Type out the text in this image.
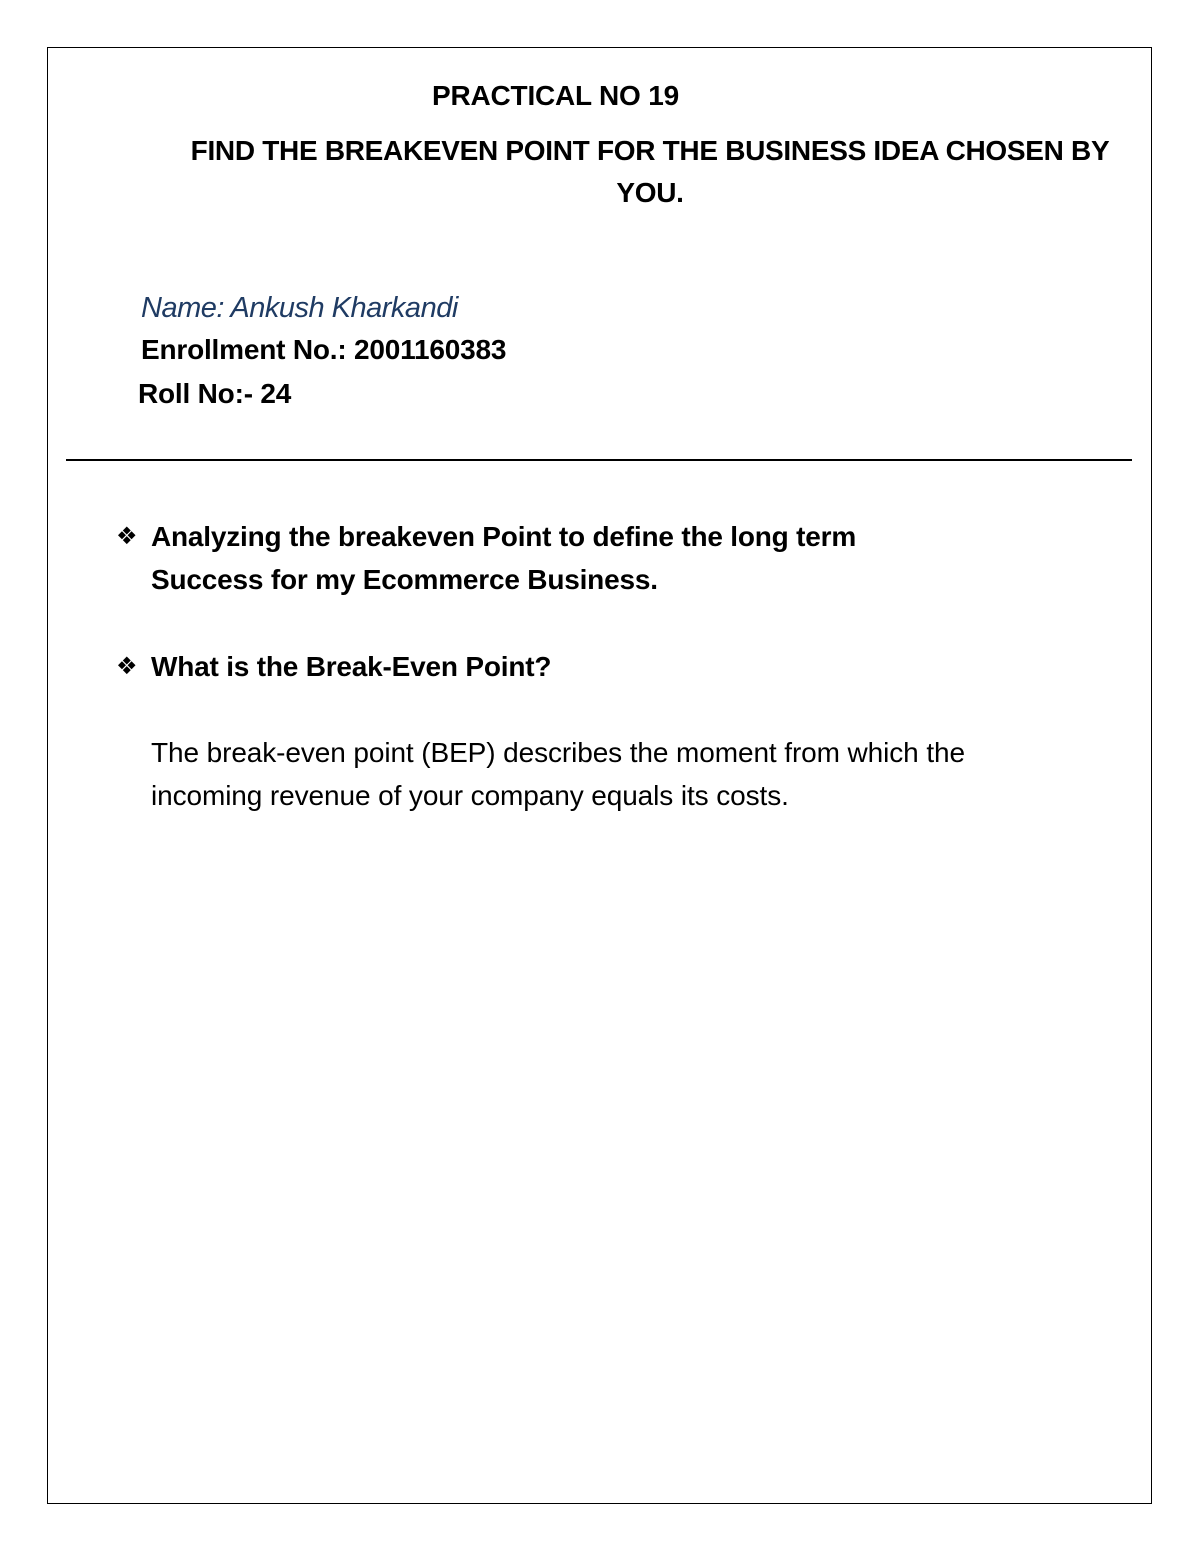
PRACTICAL NO 19
FIND THE BREAKEVEN POINT FOR THE BUSINESS IDEA CHOSEN BY YOU.
Name: Ankush Kharkandi
Enrollment No.: 2001160383
Roll No:- 24
❖ Analyzing the breakeven Point to define the long term Success for my Ecommerce Business.
❖ What is the Break-Even Point?
The break-even point (BEP) describes the moment from which the incoming revenue of your company equals its costs.
